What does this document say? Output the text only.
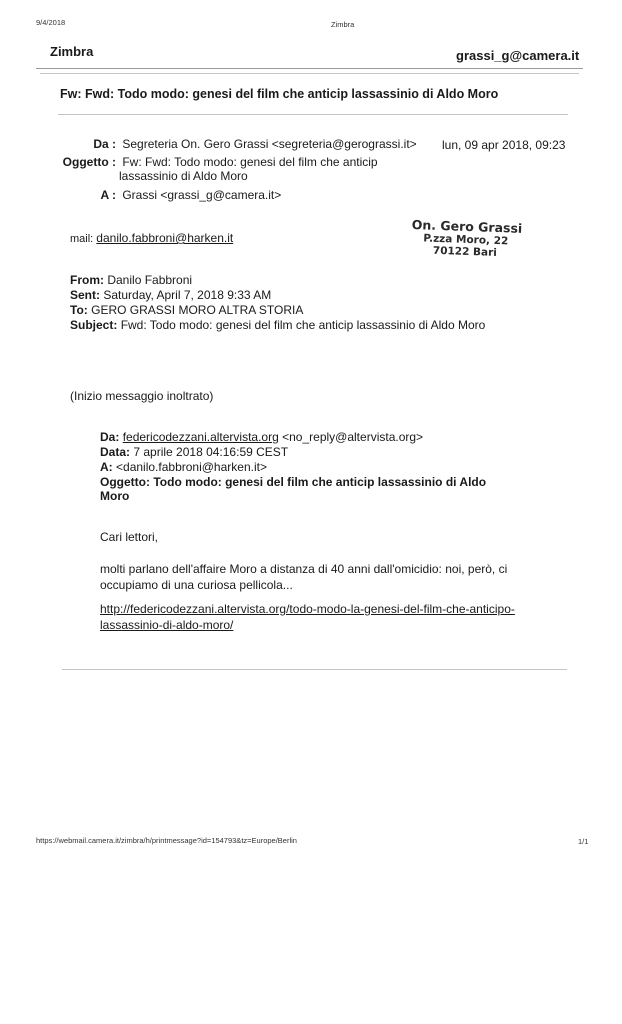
9/4/2018	Zimbra
Zimbra	grassi_g@camera.it
Fw: Fwd: Todo modo: genesi del film che anticip lassassinio di Aldo Moro
Da : Segreteria On. Gero Grassi <segreteria@gerograssi.it> lun, 09 apr 2018, 09:23
Oggetto : Fw: Fwd: Todo modo: genesi del film che anticip
lassassinio di Aldo Moro
A : Grassi <grassi_g@camera.it>
mail: danilo.fabbroni@harken.it
On. Gero Grassi
P.zza Moro, 22
70122 Bari
From: Danilo Fabbroni
Sent: Saturday, April 7, 2018 9:33 AM
To: GERO GRASSI MORO ALTRA STORIA
Subject: Fwd: Todo modo: genesi del film che anticip lassassinio di Aldo Moro
(Inizio messaggio inoltrato)
Da: federicodezzani.altervista.org <no_reply@altervista.org>
Data: 7 aprile 2018 04:16:59 CEST
A: <danilo.fabbroni@harken.it>
Oggetto: Todo modo: genesi del film che anticip lassassinio di Aldo
Moro
Cari lettori,
molti parlano dell'affaire Moro a distanza di 40 anni dall'omicidio: noi, però, ci
occupiamo di una curiosa pellicola...
http://federicodezzani.altervista.org/todo-modo-la-genesi-del-film-che-anticipo-
lassassinio-di-aldo-moro/
https://webmail.camera.it/zimbra/h/printmessage?id=154793&tz=Europe/Berlin	1/1
